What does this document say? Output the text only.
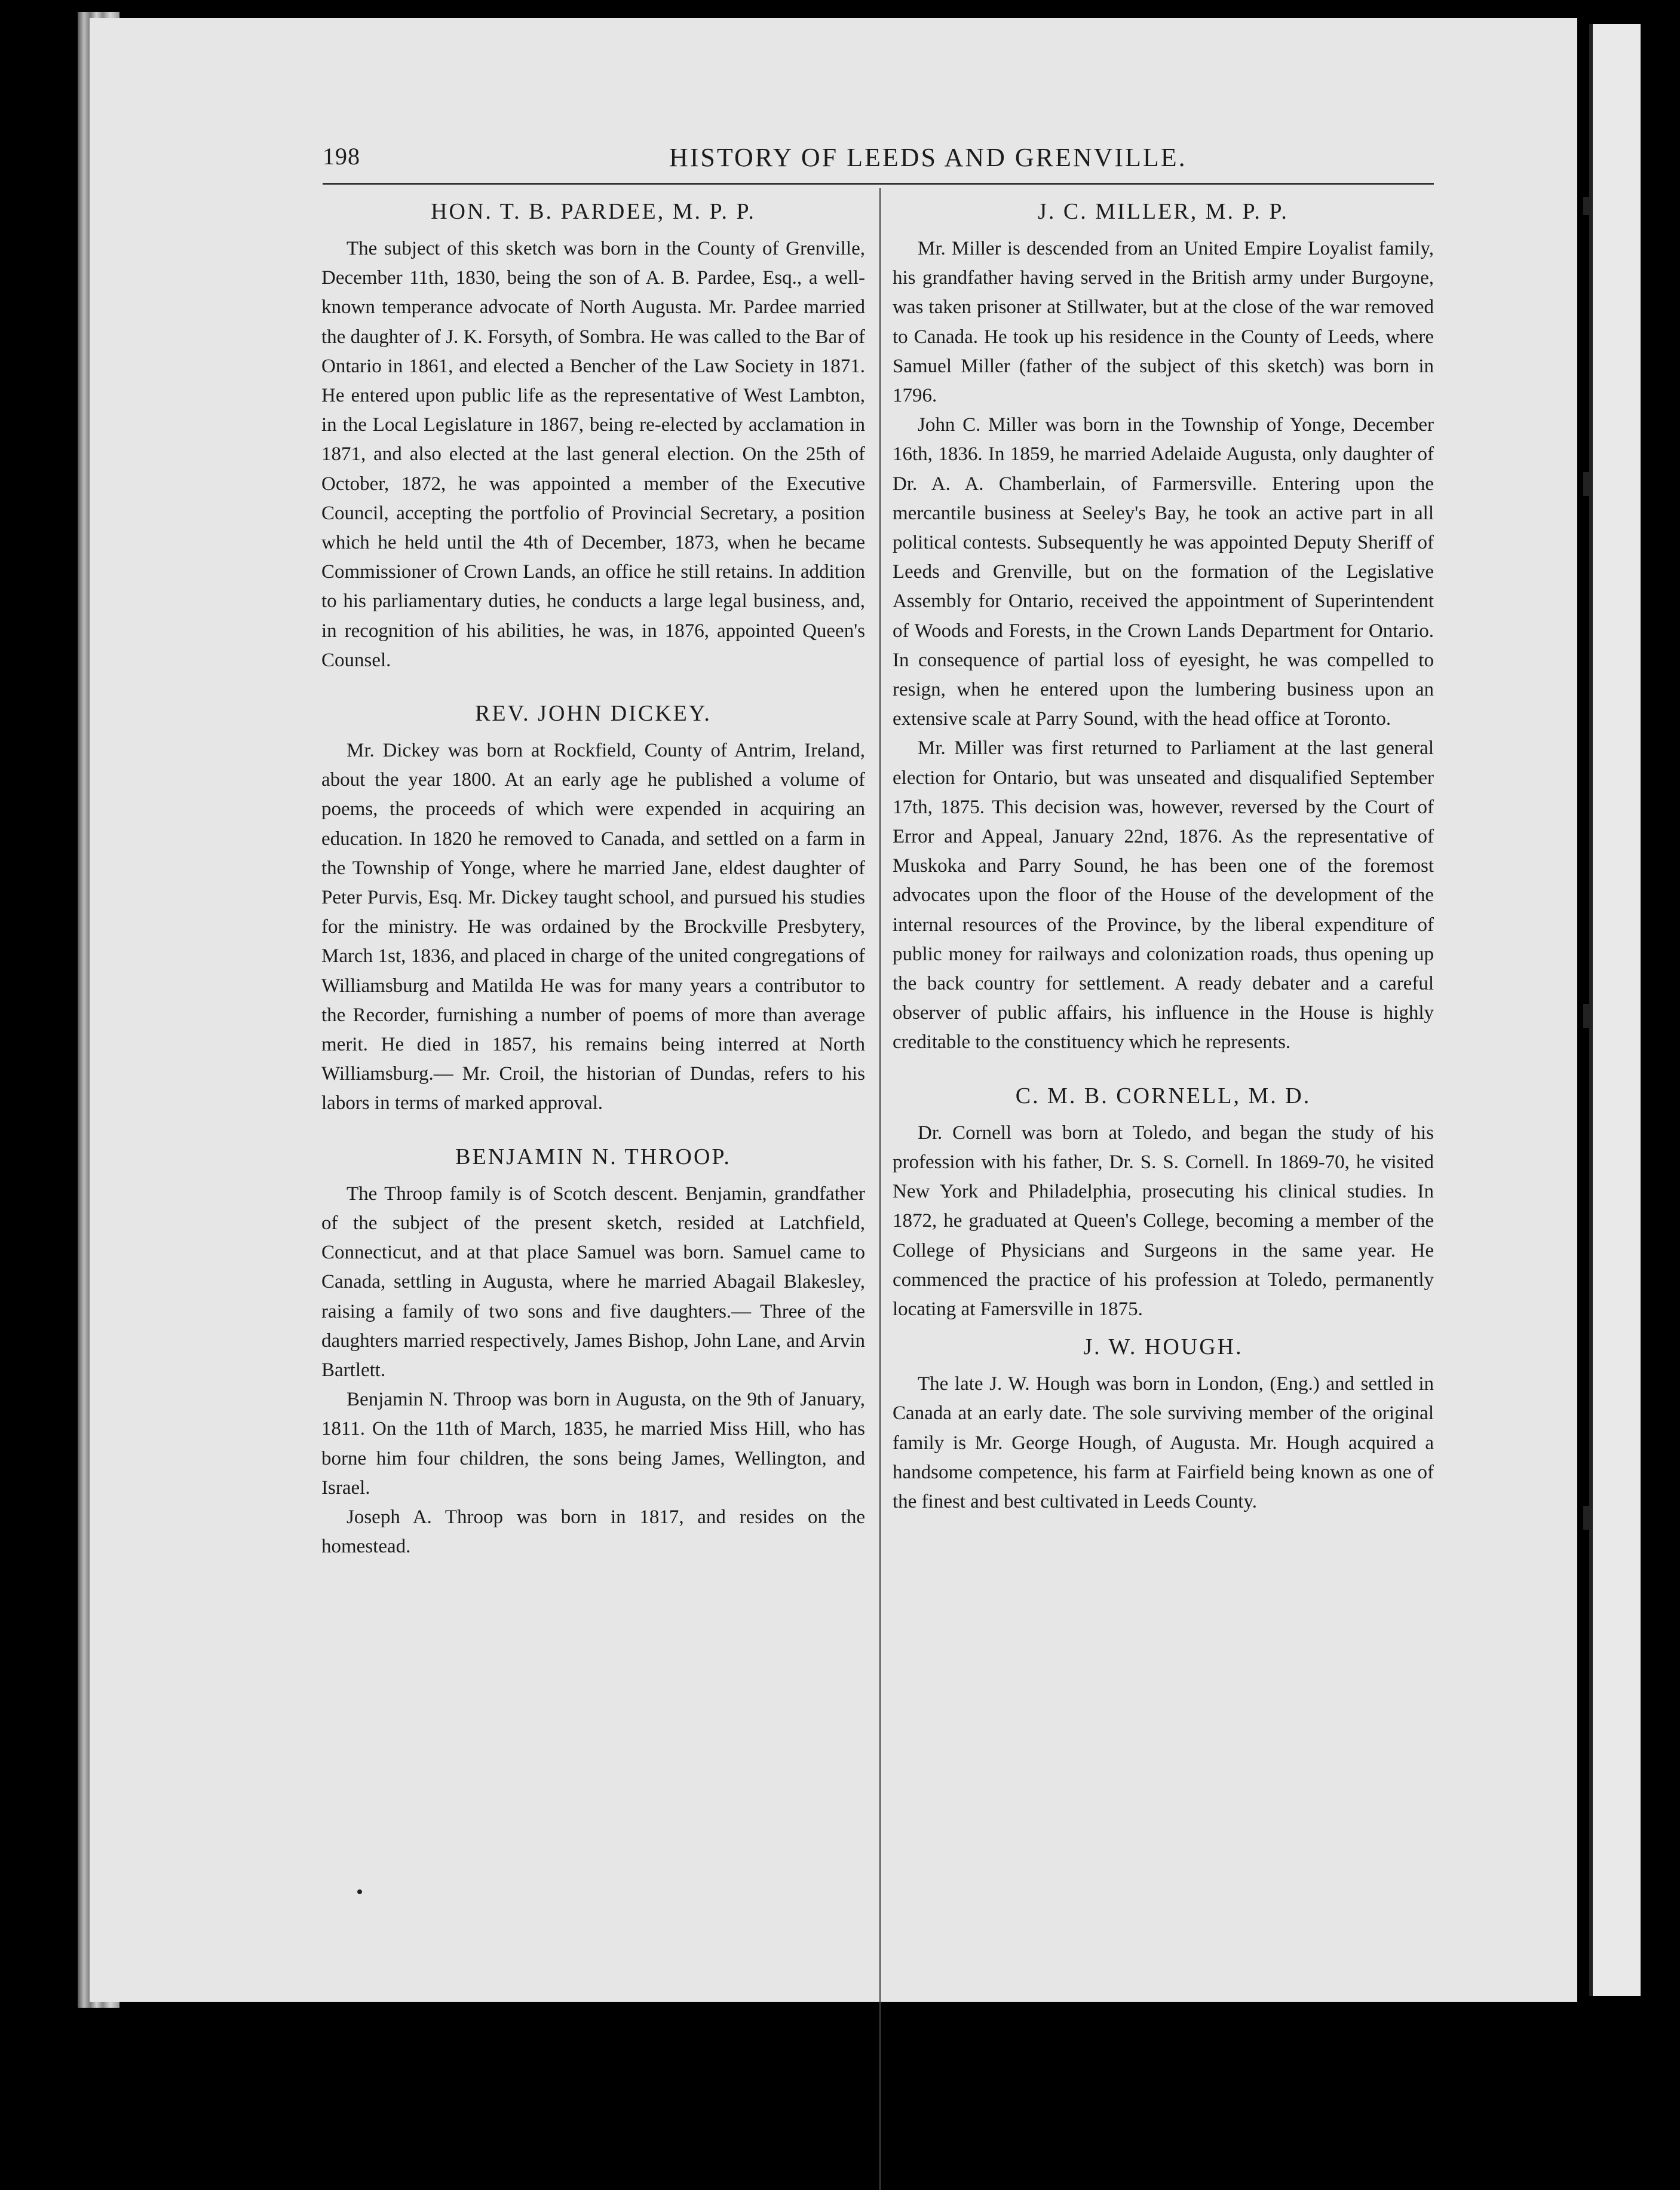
198	HISTORY OF LEEDS AND GRENVILLE.
HON. T. B. PARDEE, M. P. P.

The subject of this sketch was born in the County of Grenville, December 11th, 1830, being the son of A. B. Pardee, Esq., a well-known temperance advocate of North Augusta. Mr. Pardee married the daughter of J. K. Forsyth, of Sombra. He was called to the Bar of Ontario in 1861, and elected a Bencher of the Law Society in 1871. He entered upon public life as the representative of West Lambton, in the Local Legislature in 1867, being re-elected by acclamation in 1871, and also elected at the last general election. On the 25th of October, 1872, he was appointed a member of the Executive Council, accepting the portfolio of Provincial Secretary, a position which he held until the 4th of December, 1873, when he became Commissioner of Crown Lands, an office he still retains. In addition to his parliamentary duties, he conducts a large legal business, and, in recognition of his abilities, he was, in 1876, appointed Queen's Counsel.

REV. JOHN DICKEY.

Mr. Dickey was born at Rockfield, County of Antrim, Ireland, about the year 1800. At an early age he published a volume of poems, the proceeds of which were expended in acquiring an education. In 1820 he removed to Canada, and settled on a farm in the Township of Yonge, where he married Jane, eldest daughter of Peter Purvis, Esq. Mr. Dickey taught school, and pursued his studies for the ministry. He was ordained by the Brockville Presbytery, March 1st, 1836, and placed in charge of the united congregations of Williamsburg and Matilda He was for many years a contributor to the Recorder, furnishing a number of poems of more than average merit. He died in 1857, his remains being interred at North Williamsburg.— Mr. Croil, the historian of Dundas, refers to his labors in terms of marked approval.

BENJAMIN N. THROOP.

The Throop family is of Scotch descent. Benjamin, grandfather of the subject of the present sketch, resided at Latchfield, Connecticut, and at that place Samuel was born. Samuel came to Canada, settling in Augusta, where he married Abagail Blakesley, raising a family of two sons and five daughters.— Three of the daughters married respectively, James Bishop, John Lane, and Arvin Bartlett.

Benjamin N. Throop was born in Augusta, on the 9th of January, 1811. On the 11th of March, 1835, he married Miss Hill, who has borne him four children, the sons being James, Wellington, and Israel.

Joseph A. Throop was born in 1817, and resides on the homestead.

J. C. MILLER, M. P. P.

Mr. Miller is descended from an United Empire Loyalist family, his grandfather having served in the British army under Burgoyne, was taken prisoner at Stillwater, but at the close of the war removed to Canada. He took up his residence in the County of Leeds, where Samuel Miller (father of the subject of this sketch) was born in 1796.

John C. Miller was born in the Township of Yonge, December 16th, 1836. In 1859, he married Adelaide Augusta, only daughter of Dr. A. A. Chamberlain, of Farmersville. Entering upon the mercantile business at Seeley's Bay, he took an active part in all political contests. Subsequently he was appointed Deputy Sheriff of Leeds and Grenville, but on the formation of the Legislative Assembly for Ontario, received the appointment of Superintendent of Woods and Forests, in the Crown Lands Department for Ontario. In consequence of partial loss of eyesight, he was compelled to resign, when he entered upon the lumbering business upon an extensive scale at Parry Sound, with the head office at Toronto.

Mr. Miller was first returned to Parliament at the last general election for Ontario, but was unseated and disqualified September 17th, 1875. This decision was, however, reversed by the Court of Error and Appeal, January 22nd, 1876. As the representative of Muskoka and Parry Sound, he has been one of the foremost advocates upon the floor of the House of the development of the internal resources of the Province, by the liberal expenditure of public money for railways and colonization roads, thus opening up the back country for settlement. A ready debater and a careful observer of public affairs, his influence in the House is highly creditable to the constituency which he represents.

C. M. B. CORNELL, M. D.

Dr. Cornell was born at Toledo, and began the study of his profession with his father, Dr. S. S. Cornell. In 1869-70, he visited New York and Philadelphia, prosecuting his clinical studies. In 1872, he graduated at Queen's College, becoming a member of the College of Physicians and Surgeons in the same year. He commenced the practice of his profession at Toledo, permanently locating at Famersville in 1875.

J. W. HOUGH.

The late J. W. Hough was born in London, (Eng.) and settled in Canada at an early date. The sole surviving member of the original family is Mr. George Hough, of Augusta. Mr. Hough acquired a handsome competence, his farm at Fairfield being known as one of the finest and best cultivated in Leeds County.
